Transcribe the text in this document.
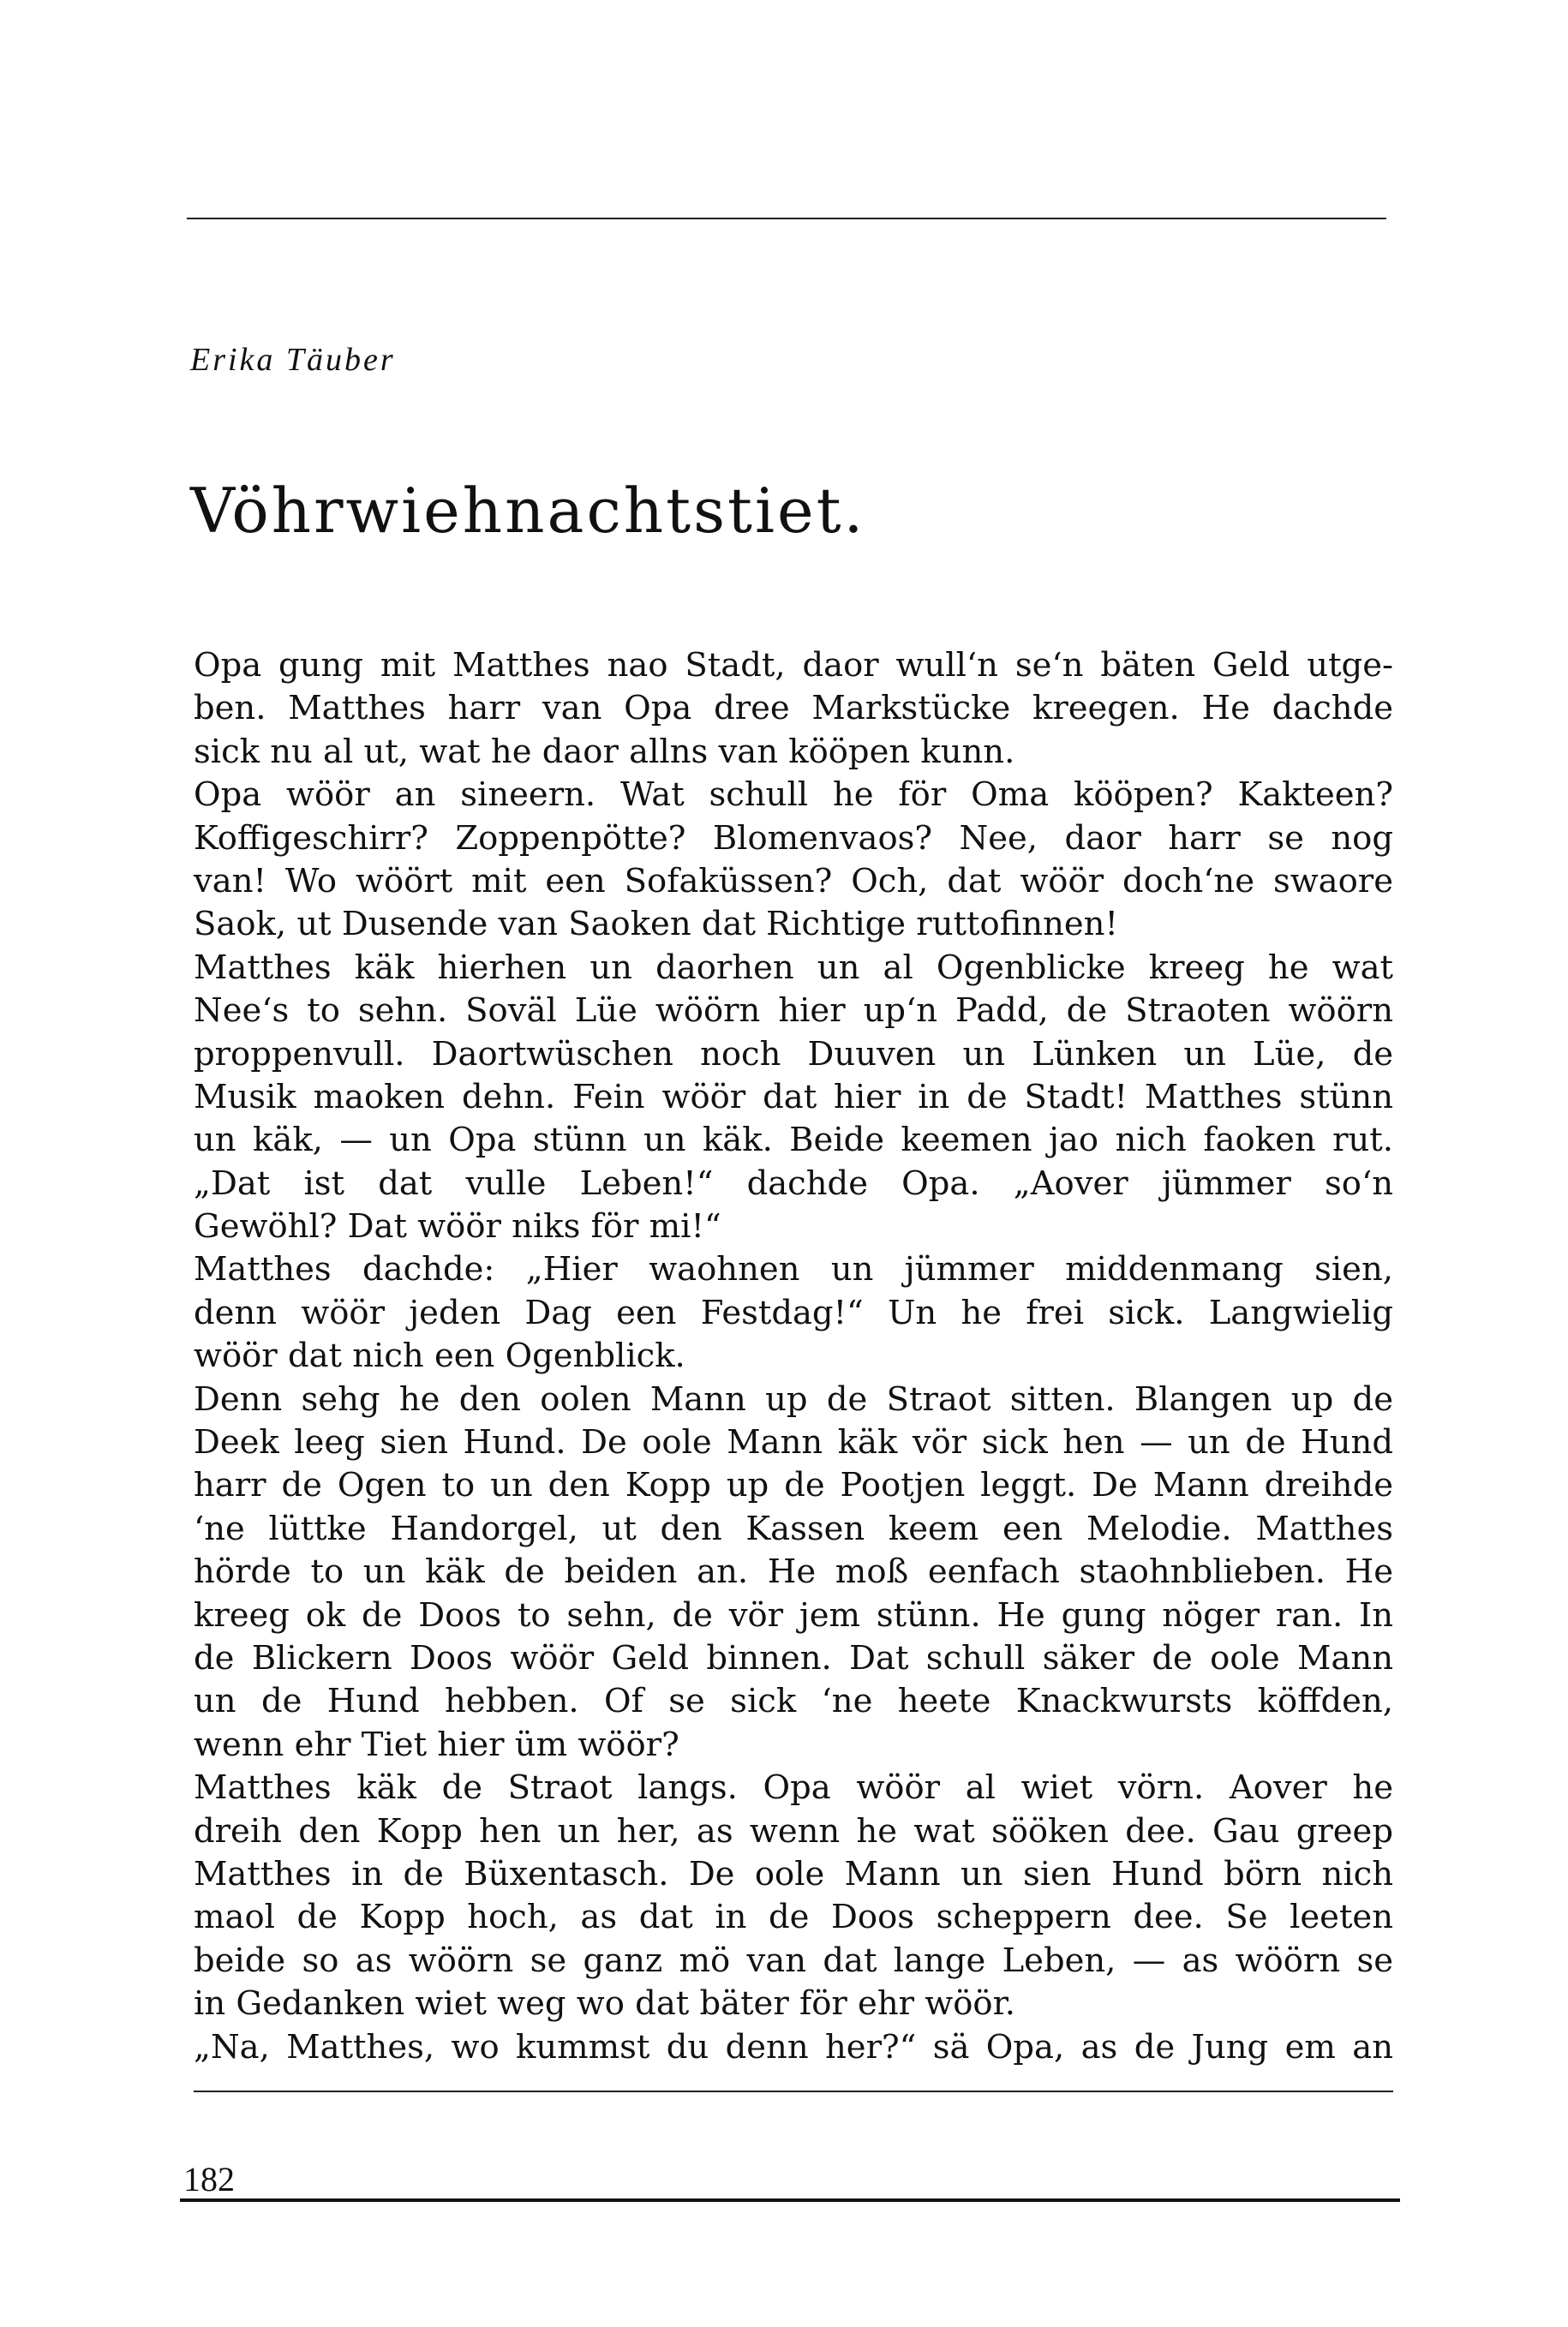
Erika Täuber
Vöhrwiehnachtstiet.
Opa gung mit Matthes nao Stadt, daor wull‘n se‘n bäten Geld utge-
ben. Matthes harr van Opa dree Markstücke kreegen. He dachde
sick nu al ut, wat he daor allns van kööpen kunn.
Opa wöör an sineern. Wat schull he för Oma kööpen? Kakteen?
Koffigeschirr? Zoppenpötte? Blomenvaos? Nee, daor harr se nog
van! Wo wöört mit een Sofaküssen? Och, dat wöör doch‘ne swaore
Saok, ut Dusende van Saoken dat Richtige ruttofinnen!
Matthes käk hierhen un daorhen un al Ogenblicke kreeg he wat
Nee‘s to sehn. Soväl Lüe wöörn hier up‘n Padd, de Straoten wöörn
proppenvull. Daortwüschen noch Duuven un Lünken un Lüe, de
Musik maoken dehn. Fein wöör dat hier in de Stadt! Matthes stünn
un käk, — un Opa stünn un käk. Beide keemen jao nich faoken rut.
„Dat ist dat vulle Leben!“ dachde Opa. „Aover jümmer so‘n
Gewöhl? Dat wöör niks för mi!“
Matthes dachde: „Hier waohnen un jümmer middenmang sien,
denn wöör jeden Dag een Festdag!“ Un he frei sick. Langwielig
wöör dat nich een Ogenblick.
Denn sehg he den oolen Mann up de Straot sitten. Blangen up de
Deek leeg sien Hund. De oole Mann käk vör sick hen — un de Hund
harr de Ogen to un den Kopp up de Pootjen leggt. De Mann dreihde
‘ne lüttke Handorgel, ut den Kassen keem een Melodie. Matthes
hörde to un käk de beiden an. He moß eenfach staohnblieben. He
kreeg ok de Doos to sehn, de vör jem stünn. He gung nöger ran. In
de Blickern Doos wöör Geld binnen. Dat schull säker de oole Mann
un de Hund hebben. Of se sick ‘ne heete Knackwursts köffden,
wenn ehr Tiet hier üm wöör?
Matthes käk de Straot langs. Opa wöör al wiet vörn. Aover he
dreih den Kopp hen un her, as wenn he wat sööken dee. Gau greep
Matthes in de Büxentasch. De oole Mann un sien Hund börn nich
maol de Kopp hoch, as dat in de Doos scheppern dee. Se leeten
beide so as wöörn se ganz mö van dat lange Leben, — as wöörn se
in Gedanken wiet weg wo dat bäter för ehr wöör.
„Na, Matthes, wo kummst du denn her?“ sä Opa, as de Jung em an
182
